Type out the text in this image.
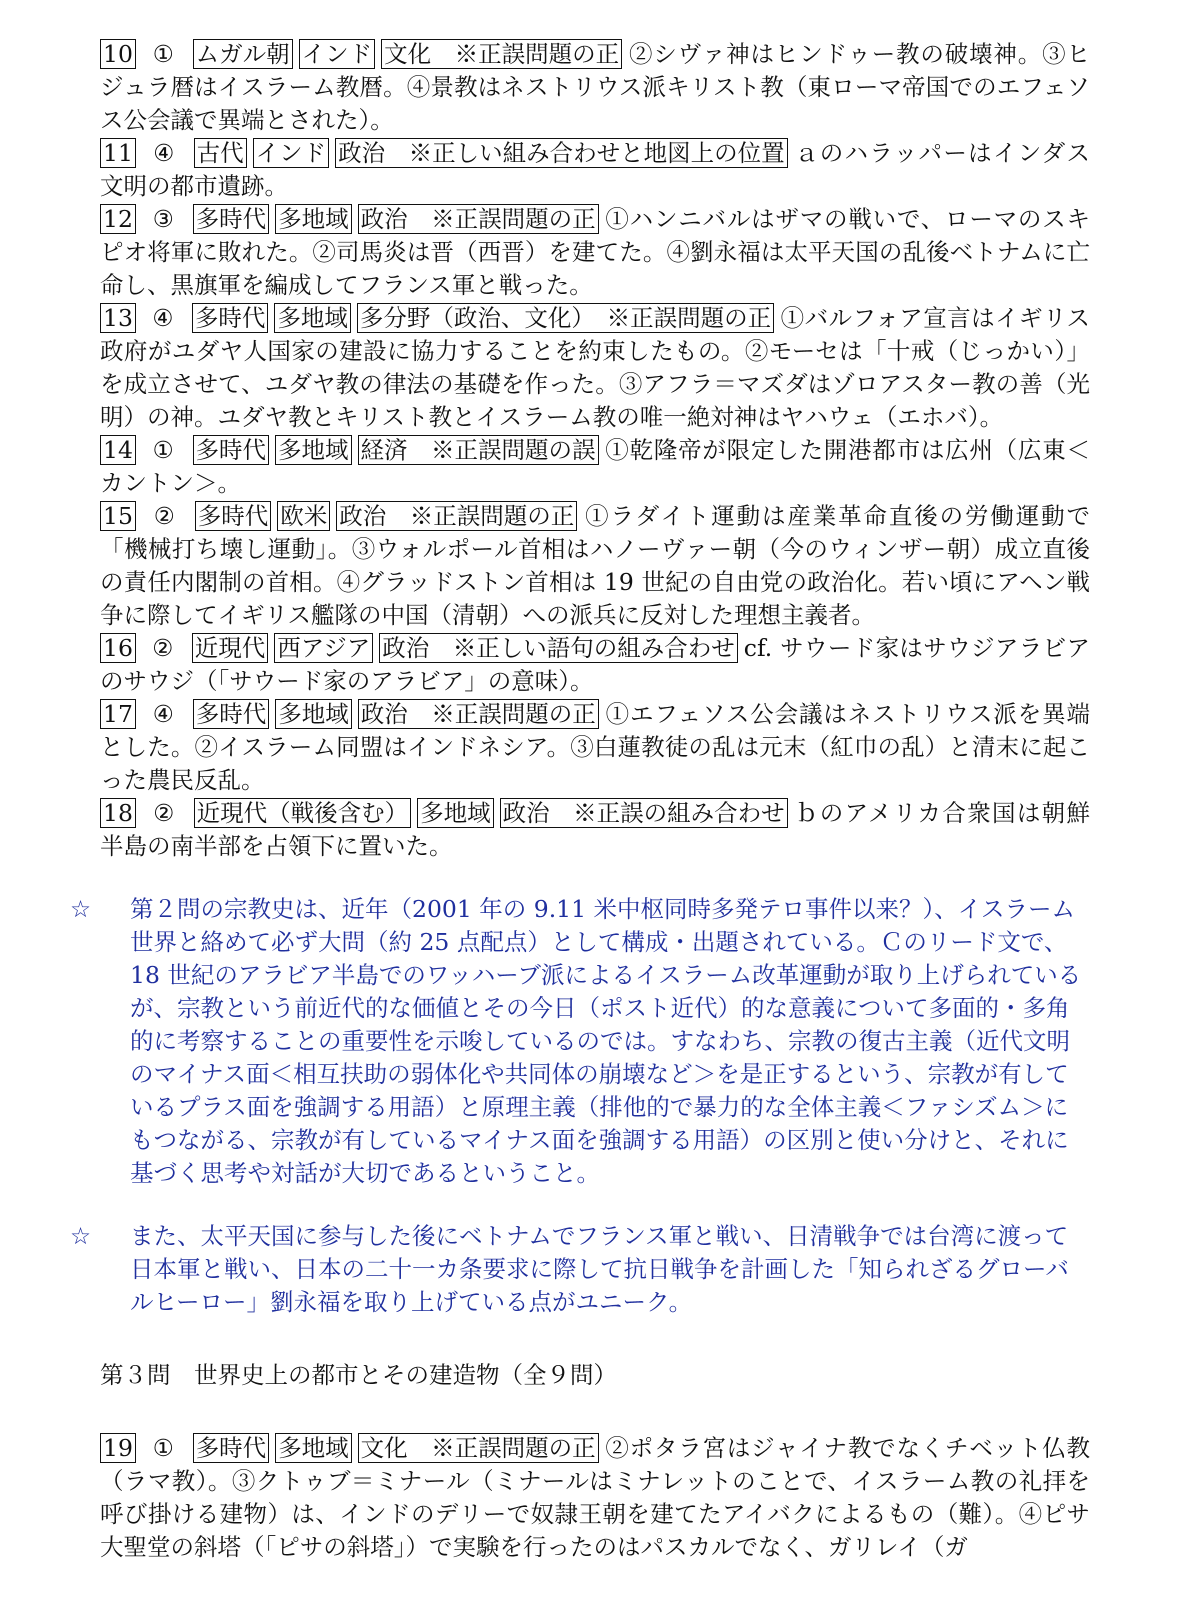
10 ① ムガル朝 インド 文化　※正誤問題の正 ②シヴァ神はヒンドゥー教の破壊神。③ヒジュラ暦はイスラーム教暦。④景教はネストリウス派キリスト教（東ローマ帝国でのエフェソス公会議で異端とされた）。
11 ④ 古代 インド 政治　※正しい組み合わせと地図上の位置 ａのハラッパーはインダス文明の都市遺跡。
12 ③ 多時代 多地域 政治　※正誤問題の正 ①ハンニバルはザマの戦いで、ローマのスキピオ将軍に敗れた。②司馬炎は晋（西晋）を建てた。④劉永福は太平天国の乱後ベトナムに亡命し、黒旗軍を編成してフランス軍と戦った。
13 ④ 多時代 多地域 多分野（政治、文化）　※正誤問題の正 ①バルフォア宣言はイギリス政府がユダヤ人国家の建設に協力することを約束したもの。②モーセは「十戒（じっかい）」を成立させて、ユダヤ教の律法の基礎を作った。③アフラ＝マズダはゾロアスター教の善（光明）の神。ユダヤ教とキリスト教とイスラーム教の唯一絶対神はヤハウェ（エホバ）。
14 ① 多時代 多地域 経済　※正誤問題の誤 ①乾隆帝が限定した開港都市は広州（広東＜カントン＞。
15 ② 多時代 欧米 政治　※正誤問題の正 ①ラダイト運動は産業革命直後の労働運動で「機械打ち壊し運動」。③ウォルポール首相はハノーヴァー朝（今のウィンザー朝）成立直後の責任内閣制の首相。④グラッドストン首相は 19 世紀の自由党の政治化。若い頃にアヘン戦争に際してイギリス艦隊の中国（清朝）への派兵に反対した理想主義者。
16 ② 近現代 西アジア 政治　※正しい語句の組み合わせ cf. サウード家はサウジアラビアのサウジ（「サウード家のアラビア」の意味）。
17 ④ 多時代 多地域 政治　※正誤問題の正 ①エフェソス公会議はネストリウス派を異端とした。②イスラーム同盟はインドネシア。③白蓮教徒の乱は元末（紅巾の乱）と清末に起こった農民反乱。
18 ② 近現代（戦後含む） 多地域 政治　※正誤の組み合わせ ｂのアメリカ合衆国は朝鮮半島の南半部を占領下に置いた。

☆ 第２問の宗教史は、近年（2001 年の 9.11 米中枢同時多発テロ事件以来？）、イスラーム世界と絡めて必ず大問（約 25 点配点）として構成・出題されている。Ｃのリード文で、18 世紀のアラビア半島でのワッハーブ派によるイスラーム改革運動が取り上げられているが、宗教という前近代的な価値とその今日（ポスト近代）的な意義について多面的・多角的に考察することの重要性を示唆しているのでは。すなわち、宗教の復古主義（近代文明のマイナス面＜相互扶助の弱体化や共同体の崩壊など＞を是正するという、宗教が有しているプラス面を強調する用語）と原理主義（排他的で暴力的な全体主義＜ファシズム＞にもつながる、宗教が有しているマイナス面を強調する用語）の区別と使い分けと、それに基づく思考や対話が大切であるということ。

☆ また、太平天国に参与した後にベトナムでフランス軍と戦い、日清戦争では台湾に渡って日本軍と戦い、日本の二十一カ条要求に際して抗日戦争を計画した「知られざるグローバルヒーロー」劉永福を取り上げている点がユニーク。

第３問　世界史上の都市とその建造物（全９問）
19 ① 多時代 多地域 文化　※正誤問題の正 ②ポタラ宮はジャイナ教でなくチベット仏教（ラマ教）。③クトゥブ＝ミナール（ミナールはミナレットのことで、イスラーム教の礼拝を呼び掛ける建物）は、インドのデリーで奴隷王朝を建てたアイバクによるもの（難）。④ピサ大聖堂の斜塔（「ピサの斜塔」）で実験を行ったのはパスカルでなく、ガリレイ（ガ
